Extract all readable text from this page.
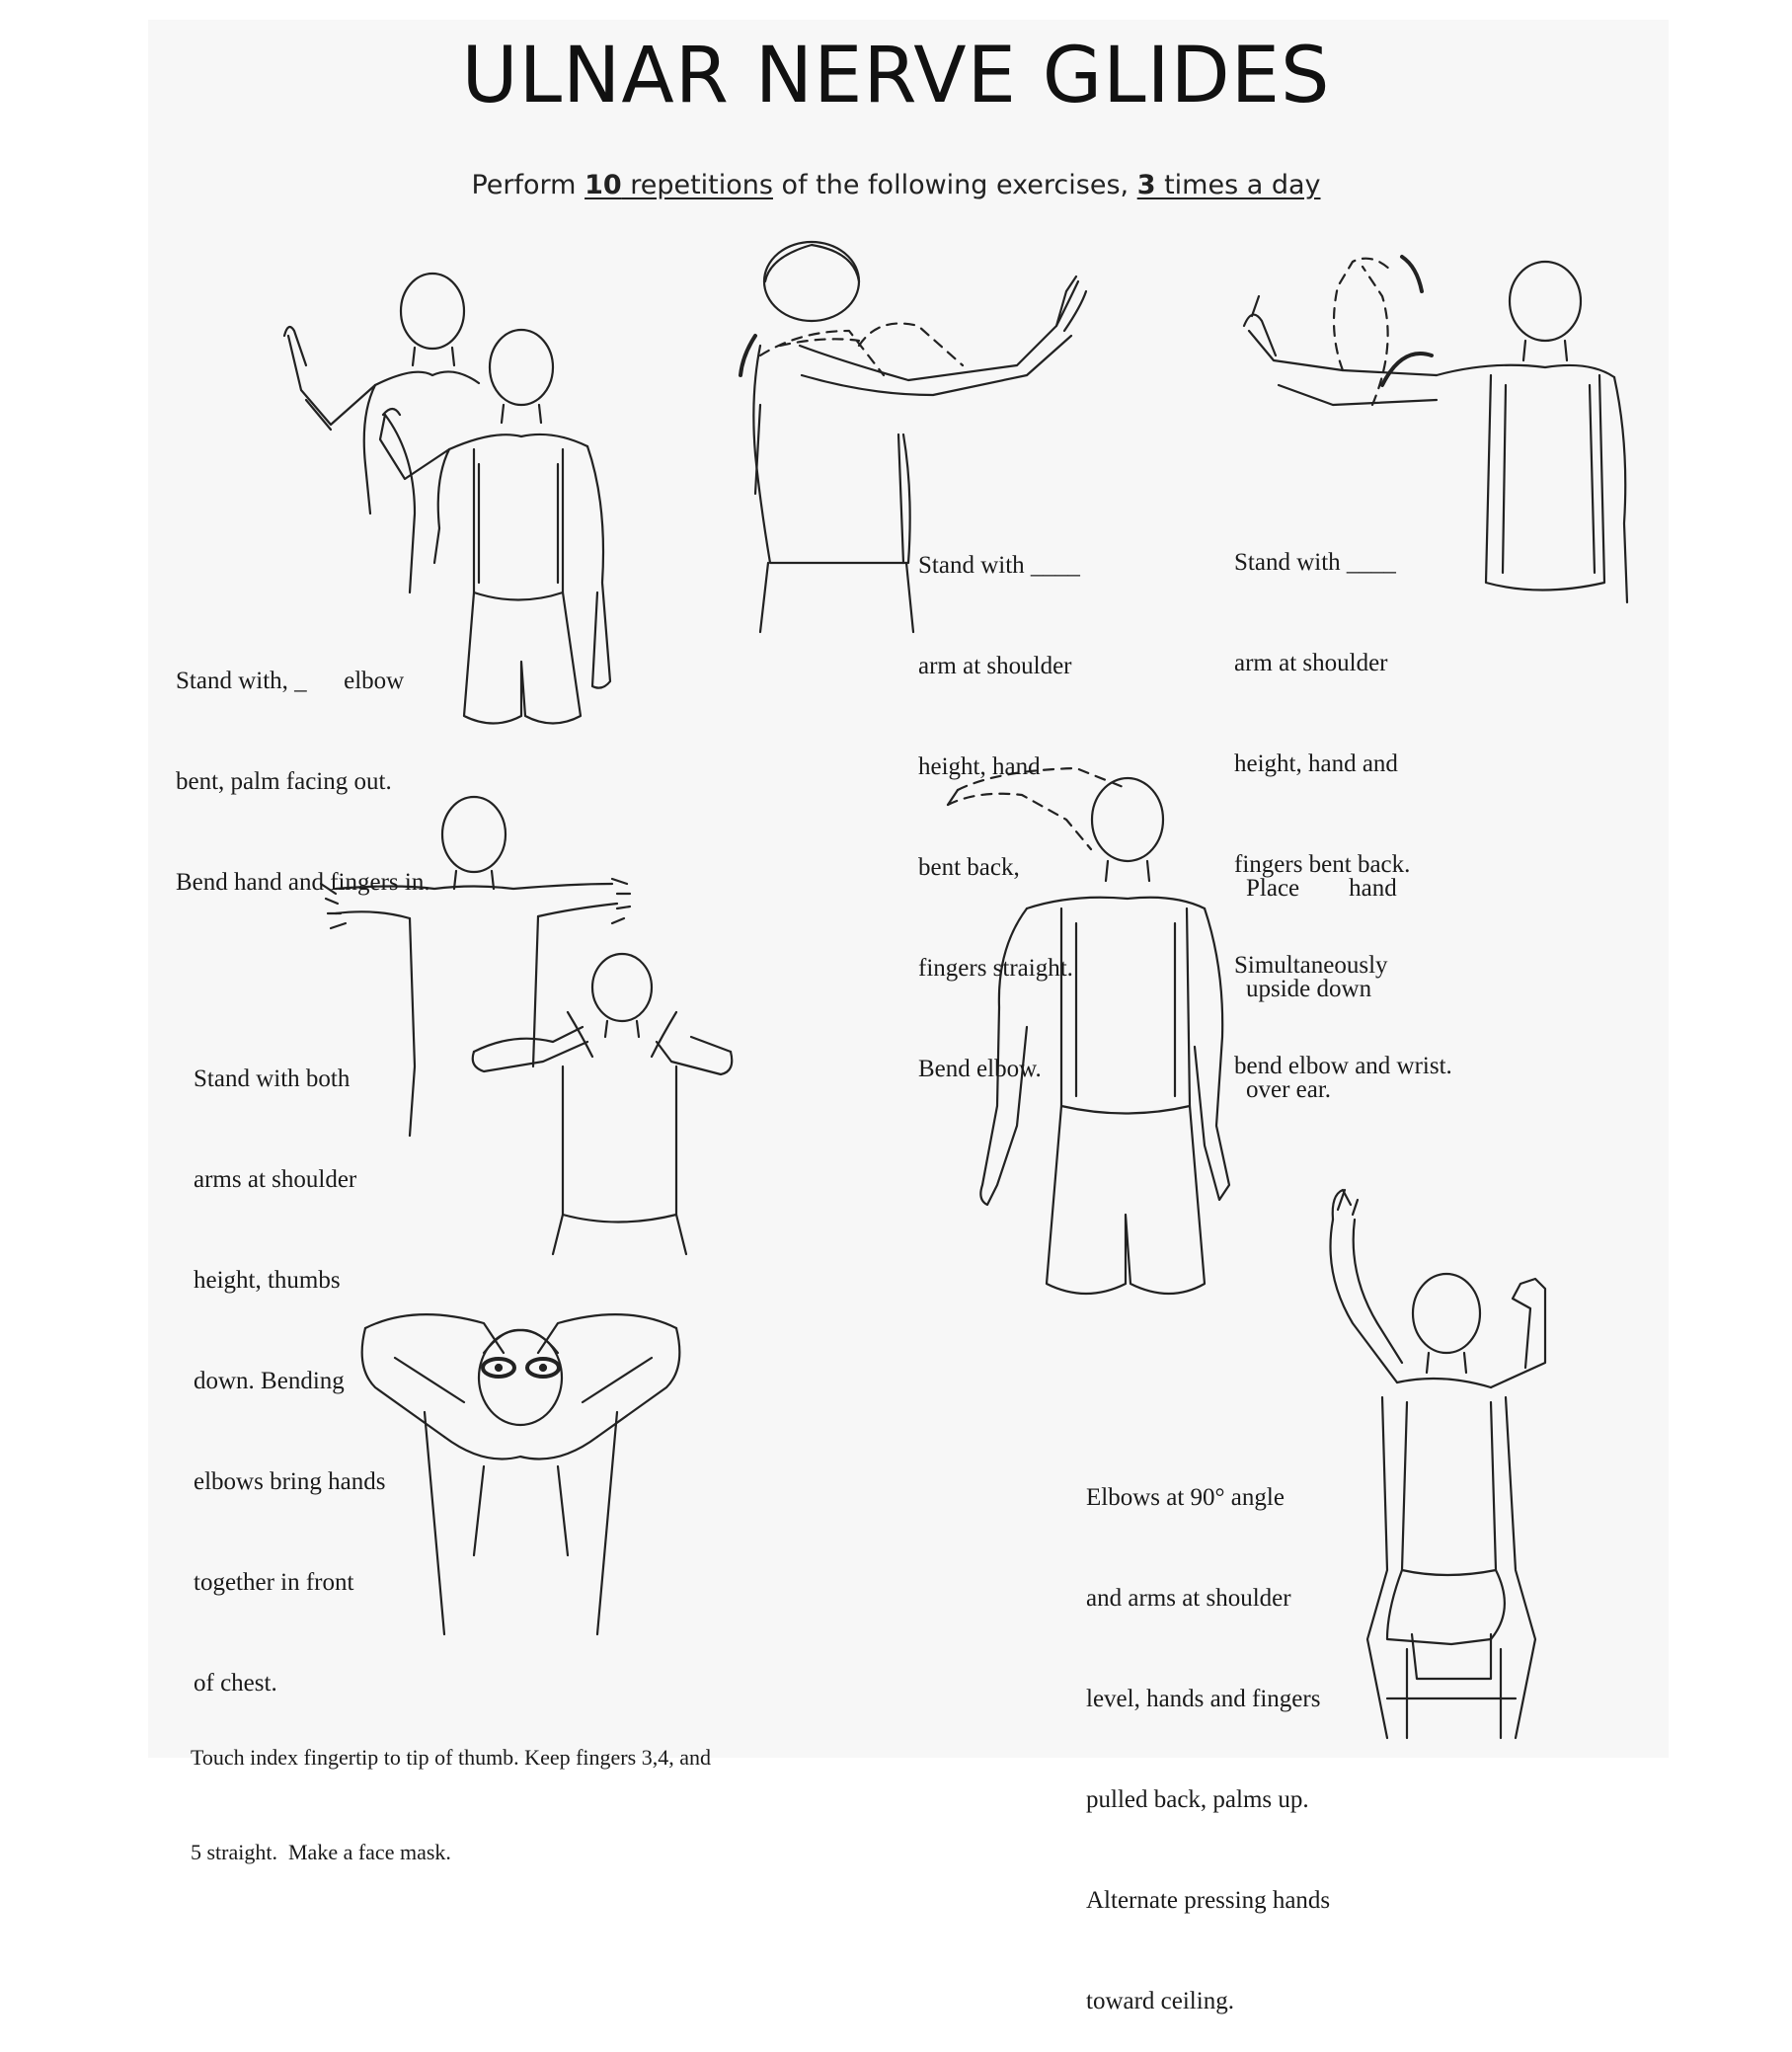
ULNAR NERVE GLIDES
Perform 10 repetitions of the following exercises, 3 times a day

Stand with, _      elbow

bent, palm facing out.

Bend hand and fingers in.

Stand with ____

arm at shoulder

height, hand

bent back,

fingers straight.

Bend elbow.

Stand with ____

arm at shoulder

height, hand and

fingers bent back.

Simultaneously

bend elbow and wrist.

Stand with both

arms at shoulder

height, thumbs

down. Bending

elbows bring hands

together in front

of chest.

Place        hand

upside down

over ear.

Touch index fingertip to tip of thumb. Keep fingers 3,4, and

5 straight.  Make a face mask.

Elbows at 90° angle

and arms at shoulder

level, hands and fingers

pulled back, palms up.

Alternate pressing hands

toward ceiling.
